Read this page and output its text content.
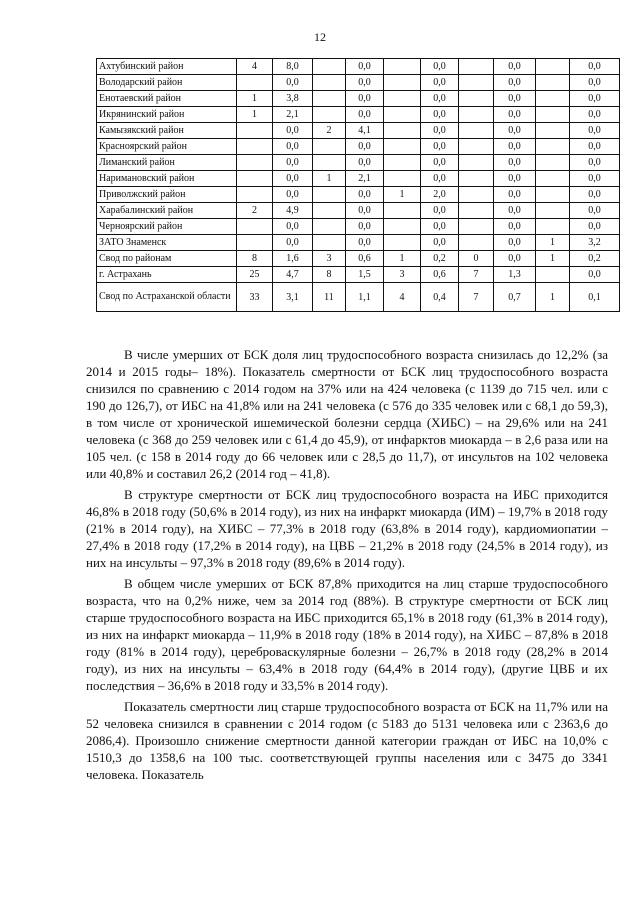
12
Ахтубинский район	4	8,0		0,0		0,0		0,0		0,0
Володарский район		0,0		0,0		0,0		0,0		0,0
Енотаевский район	1	3,8		0,0		0,0		0,0		0,0
Икрянинский район	1	2,1		0,0		0,0		0,0		0,0
Камызякский район		0,0	2	4,1		0,0		0,0		0,0
Красноярский район		0,0		0,0		0,0		0,0		0,0
Лиманский район		0,0		0,0		0,0		0,0		0,0
Наримановский район		0,0	1	2,1		0,0		0,0		0,0
Приволжский район		0,0		0,0	1	2,0		0,0		0,0
Харабалинский район	2	4,9		0,0		0,0		0,0		0,0
Черноярский район		0,0		0,0		0,0		0,0		0,0
ЗАТО Знаменск		0,0		0,0		0,0		0,0	1	3,2
Свод по районам	8	1,6	3	0,6	1	0,2	0	0,0	1	0,2
г. Астрахань	25	4,7	8	1,5	3	0,6	7	1,3		0,0
Свод по Астраханской области	33	3,1	11	1,1	4	0,4	7	0,7	1	0,1

В числе умерших от БСК доля лиц трудоспособного возраста снизилась до 12,2% (за 2014 и 2015 годы– 18%). Показатель смертности от БСК лиц трудоспособного возраста снизился по сравнению с 2014 годом на 37% или на 424 человека (с 1139 до 715 чел. или с 190 до 126,7), от ИБС на 41,8% или на 241 человека (с 576 до 335 человек или с 68,1 до 59,3), в том числе от хронической ишемической болезни сердца (ХИБС) – на 29,6% или на 241 человека (с 368 до 259 человек или с 61,4 до 45,9), от инфарктов миокарда – в 2,6 раза или на 105 чел. (с 158 в 2014 году до 66 человек или с 28,5 до 11,7), от инсультов на 102 человека или 40,8% и составил 26,2 (2014 год – 41,8).

В структуре смертности от БСК лиц трудоспособного возраста на ИБС приходится 46,8% в 2018 году (50,6% в 2014 году), из них на инфаркт миокарда (ИМ) – 19,7% в 2018 году (21% в 2014 году), на ХИБС – 77,3% в 2018 году (63,8% в 2014 году), кардиомиопатии – 27,4% в 2018 году (17,2% в 2014 году), на ЦВБ – 21,2% в 2018 году (24,5% в 2014 году), из них на инсульты – 97,3% в 2018 году (89,6% в 2014 году).

В общем числе умерших от БСК 87,8% приходится на лиц старше трудоспособного возраста, что на 0,2% ниже, чем за 2014 год (88%). В структуре смертности от БСК лиц старше трудоспособного возраста на ИБС приходится 65,1% в 2018 году (61,3% в 2014 году), из них на инфаркт миокарда – 11,9% в 2018 году (18% в 2014 году), на ХИБС – 87,8% в 2018 году (81% в 2014 году), цереброваскулярные болезни – 26,7% в 2018 году (28,2% в 2014 году), из них на инсульты – 63,4% в 2018 году (64,4% в 2014 году), (другие ЦВБ и их последствия – 36,6% в 2018 году и 33,5% в 2014 году).

Показатель смертности лиц старше трудоспособного возраста от БСК на 11,7% или на 52 человека снизился в сравнении с 2014 годом (с 5183 до 5131 человека или с 2363,6 до 2086,4). Произошло снижение смертности данной категории граждан от ИБС на 10,0% с 1510,3 до 1358,6 на 100 тыс. соответствующей группы населения или с 3475 до 3341 человека. Показатель
